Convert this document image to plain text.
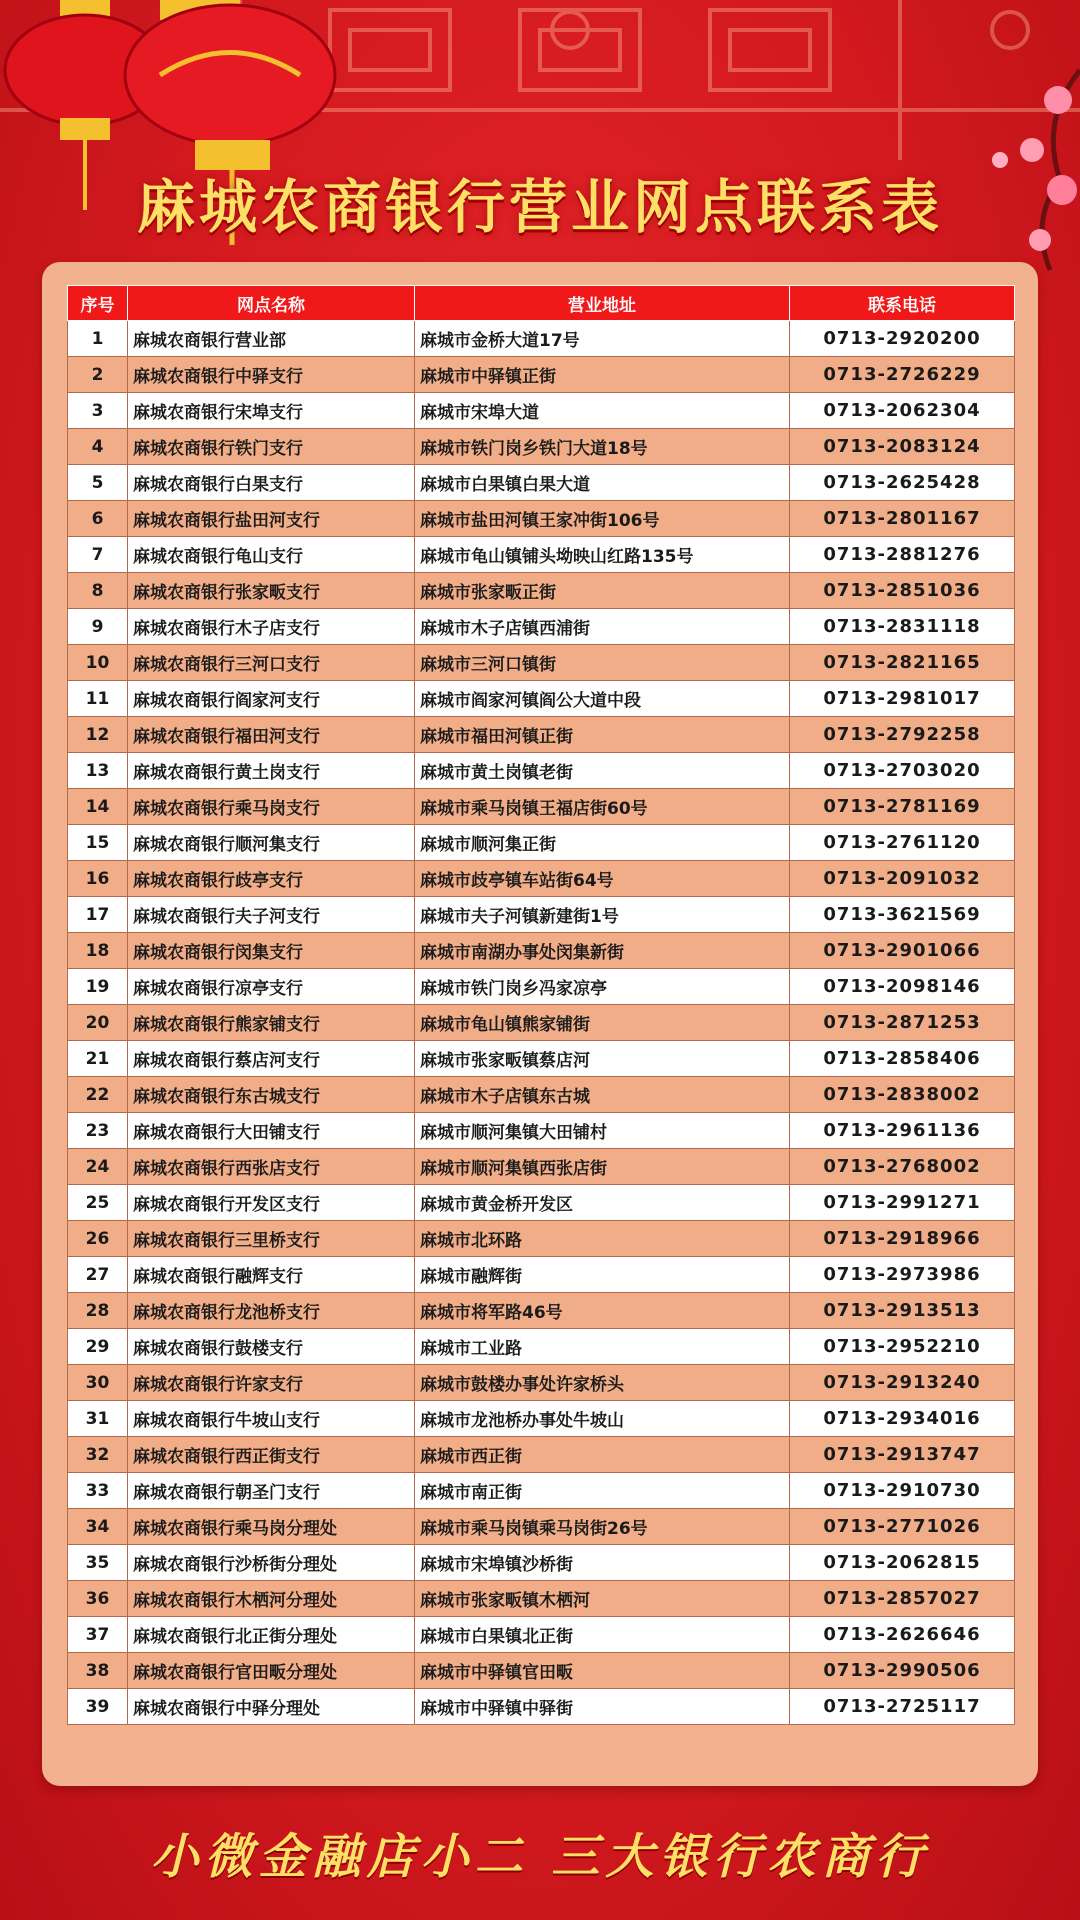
麻城农商银行营业网点联系表
序号	网点名称	营业地址	联系电话
1	麻城农商银行营业部	麻城市金桥大道17号	0713-2920200
2	麻城农商银行中驿支行	麻城市中驿镇正街	0713-2726229
3	麻城农商银行宋埠支行	麻城市宋埠大道	0713-2062304
4	麻城农商银行铁门支行	麻城市铁门岗乡铁门大道18号	0713-2083124
5	麻城农商银行白果支行	麻城市白果镇白果大道	0713-2625428
6	麻城农商银行盐田河支行	麻城市盐田河镇王家冲街106号	0713-2801167
7	麻城农商银行龟山支行	麻城市龟山镇铺头坳映山红路135号	0713-2881276
8	麻城农商银行张家畈支行	麻城市张家畈正街	0713-2851036
9	麻城农商银行木子店支行	麻城市木子店镇西浦街	0713-2831118
10	麻城农商银行三河口支行	麻城市三河口镇街	0713-2821165
11	麻城农商银行阎家河支行	麻城市阎家河镇阎公大道中段	0713-2981017
12	麻城农商银行福田河支行	麻城市福田河镇正街	0713-2792258
13	麻城农商银行黄土岗支行	麻城市黄土岗镇老街	0713-2703020
14	麻城农商银行乘马岗支行	麻城市乘马岗镇王福店街60号	0713-2781169
15	麻城农商银行顺河集支行	麻城市顺河集正街	0713-2761120
16	麻城农商银行歧亭支行	麻城市歧亭镇车站街64号	0713-2091032
17	麻城农商银行夫子河支行	麻城市夫子河镇新建街1号	0713-3621569
18	麻城农商银行闵集支行	麻城市南湖办事处闵集新街	0713-2901066
19	麻城农商银行凉亭支行	麻城市铁门岗乡冯家凉亭	0713-2098146
20	麻城农商银行熊家铺支行	麻城市龟山镇熊家铺街	0713-2871253
21	麻城农商银行蔡店河支行	麻城市张家畈镇蔡店河	0713-2858406
22	麻城农商银行东古城支行	麻城市木子店镇东古城	0713-2838002
23	麻城农商银行大田铺支行	麻城市顺河集镇大田铺村	0713-2961136
24	麻城农商银行西张店支行	麻城市顺河集镇西张店街	0713-2768002
25	麻城农商银行开发区支行	麻城市黄金桥开发区	0713-2991271
26	麻城农商银行三里桥支行	麻城市北环路	0713-2918966
27	麻城农商银行融辉支行	麻城市融辉街	0713-2973986
28	麻城农商银行龙池桥支行	麻城市将军路46号	0713-2913513
29	麻城农商银行鼓楼支行	麻城市工业路	0713-2952210
30	麻城农商银行许家支行	麻城市鼓楼办事处许家桥头	0713-2913240
31	麻城农商银行牛坡山支行	麻城市龙池桥办事处牛坡山	0713-2934016
32	麻城农商银行西正街支行	麻城市西正街	0713-2913747
33	麻城农商银行朝圣门支行	麻城市南正街	0713-2910730
34	麻城农商银行乘马岗分理处	麻城市乘马岗镇乘马岗街26号	0713-2771026
35	麻城农商银行沙桥街分理处	麻城市宋埠镇沙桥街	0713-2062815
36	麻城农商银行木栖河分理处	麻城市张家畈镇木栖河	0713-2857027
37	麻城农商银行北正街分理处	麻城市白果镇北正街	0713-2626646
38	麻城农商银行官田畈分理处	麻城市中驿镇官田畈	0713-2990506
39	麻城农商银行中驿分理处	麻城市中驿镇中驿街	0713-2725117
小微金融店小二 三大银行农商行
